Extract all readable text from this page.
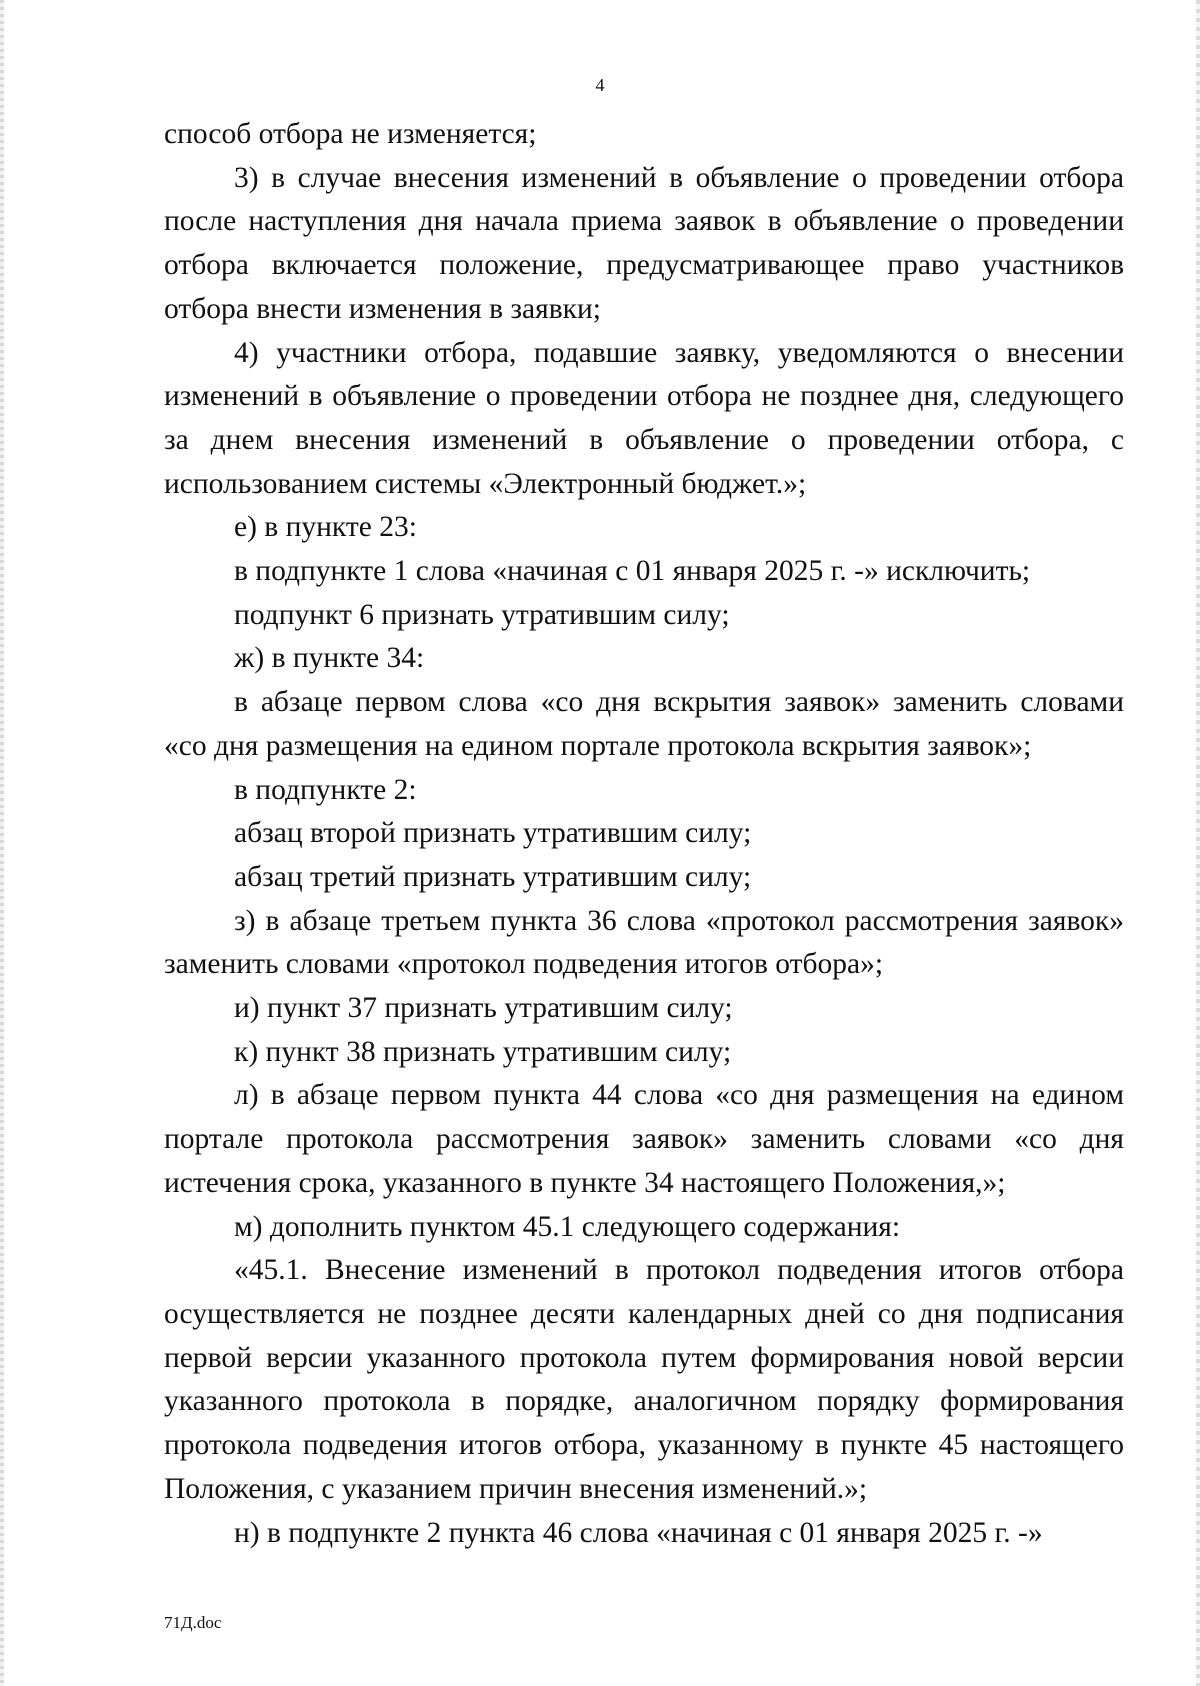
4

способ отбора не изменяется;

3) в случае внесения изменений в объявление о проведении отбора после наступления дня начала приема заявок в объявление о проведении отбора включается положение, предусматривающее право участников отбора внести изменения в заявки;

4) участники отбора, подавшие заявку, уведомляются о внесении изменений в объявление о проведении отбора не позднее дня, следующего за днем внесения изменений в объявление о проведении отбора, с использованием системы «Электронный бюджет.»;

е) в пункте 23:

в подпункте 1 слова «начиная с 01 января 2025 г. -» исключить;

подпункт 6 признать утратившим силу;

ж) в пункте 34:

в абзаце первом слова «со дня вскрытия заявок» заменить словами «со дня размещения на едином портале протокола вскрытия заявок»;

в подпункте 2:

абзац второй признать утратившим силу;

абзац третий признать утратившим силу;

з) в абзаце третьем пункта 36 слова «протокол рассмотрения заявок» заменить словами «протокол подведения итогов отбора»;

и) пункт 37 признать утратившим силу;

к) пункт 38 признать утратившим силу;

л) в абзаце первом пункта 44 слова «со дня размещения на едином портале протокола рассмотрения заявок» заменить словами «со дня истечения срока, указанного в пункте 34 настоящего Положения,»;

м) дополнить пунктом 45.1 следующего содержания:

«45.1. Внесение изменений в протокол подведения итогов отбора осуществляется не позднее десяти календарных дней со дня подписания первой версии указанного протокола путем формирования новой версии указанного протокола в порядке, аналогичном порядку формирования протокола подведения итогов отбора, указанному в пункте 45 настоящего Положения, с указанием причин внесения изменений.»;

н) в подпункте 2 пункта 46 слова «начиная с 01 января 2025 г. -»

71Д.doc
